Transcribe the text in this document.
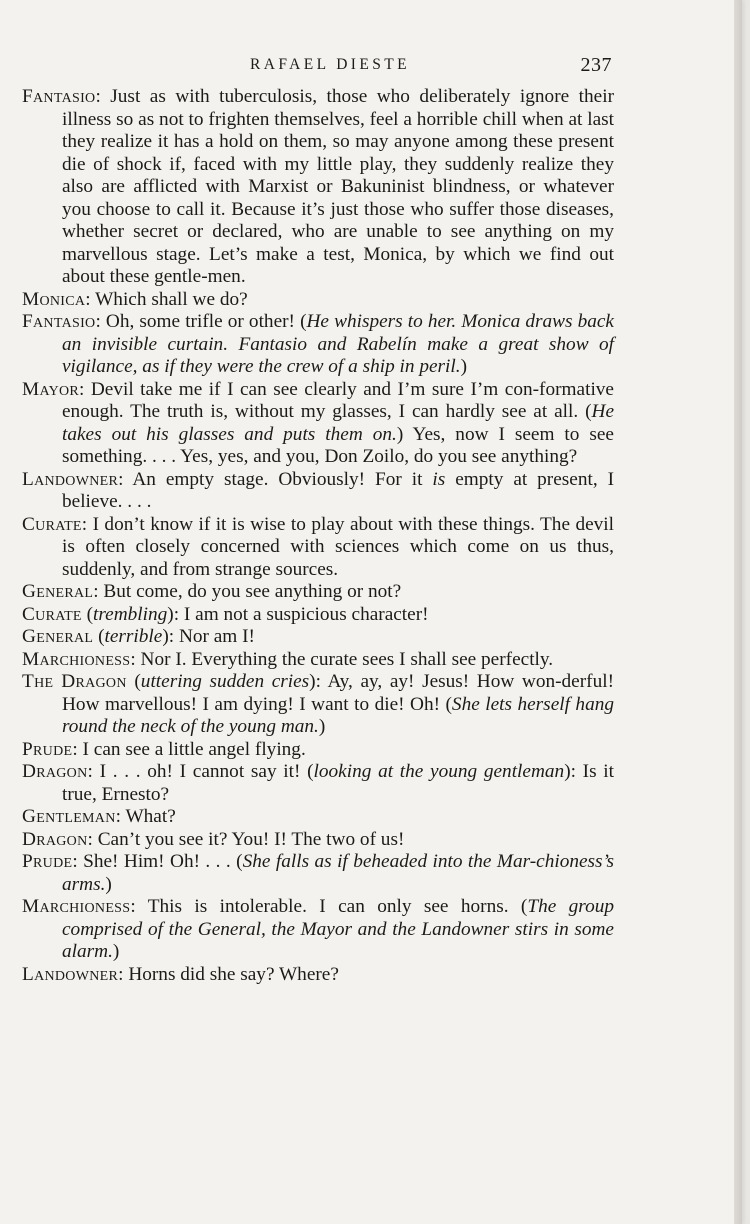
RAFAEL DIESTE	237

Fantasio: Just as with tuberculosis, those who deliberately ignore their illness so as not to frighten themselves, feel a horrible chill when at last they realize it has a hold on them, so may anyone among these present die of shock if, faced with my little play, they suddenly realize they also are afflicted with Marxist or Bakuninist blindness, or whatever you choose to call it. Because it’s just those who suffer those diseases, whether secret or declared, who are unable to see anything on my marvellous stage. Let’s make a test, Monica, by which we find out about these gentle-men.

Monica: Which shall we do?

Fantasio: Oh, some trifle or other! (He whispers to her. Monica draws back an invisible curtain. Fantasio and Rabelín make a great show of vigilance, as if they were the crew of a ship in peril.)

Mayor: Devil take me if I can see clearly and I’m sure I’m con-formative enough. The truth is, without my glasses, I can hardly see at all. (He takes out his glasses and puts them on.) Yes, now I seem to see something. . . . Yes, yes, and you, Don Zoilo, do you see anything?

Landowner: An empty stage. Obviously! For it is empty at present, I believe. . . .

Curate: I don’t know if it is wise to play about with these things. The devil is often closely concerned with sciences which come on us thus, suddenly, and from strange sources.

General: But come, do you see anything or not?

Curate (trembling): I am not a suspicious character!

General (terrible): Nor am I!

Marchioness: Nor I. Everything the curate sees I shall see perfectly.

The Dragon (uttering sudden cries): Ay, ay, ay! Jesus! How won-derful! How marvellous! I am dying! I want to die! Oh! (She lets herself hang round the neck of the young man.)

Prude: I can see a little angel flying.

Dragon: I . . . oh! I cannot say it! (looking at the young gentleman): Is it true, Ernesto?

Gentleman: What?

Dragon: Can’t you see it? You! I! The two of us!

Prude: She! Him! Oh! . . . (She falls as if beheaded into the Mar-chioness’s arms.)

Marchioness: This is intolerable. I can only see horns. (The group comprised of the General, the Mayor and the Landowner stirs in some alarm.)

Landowner: Horns did she say? Where?
